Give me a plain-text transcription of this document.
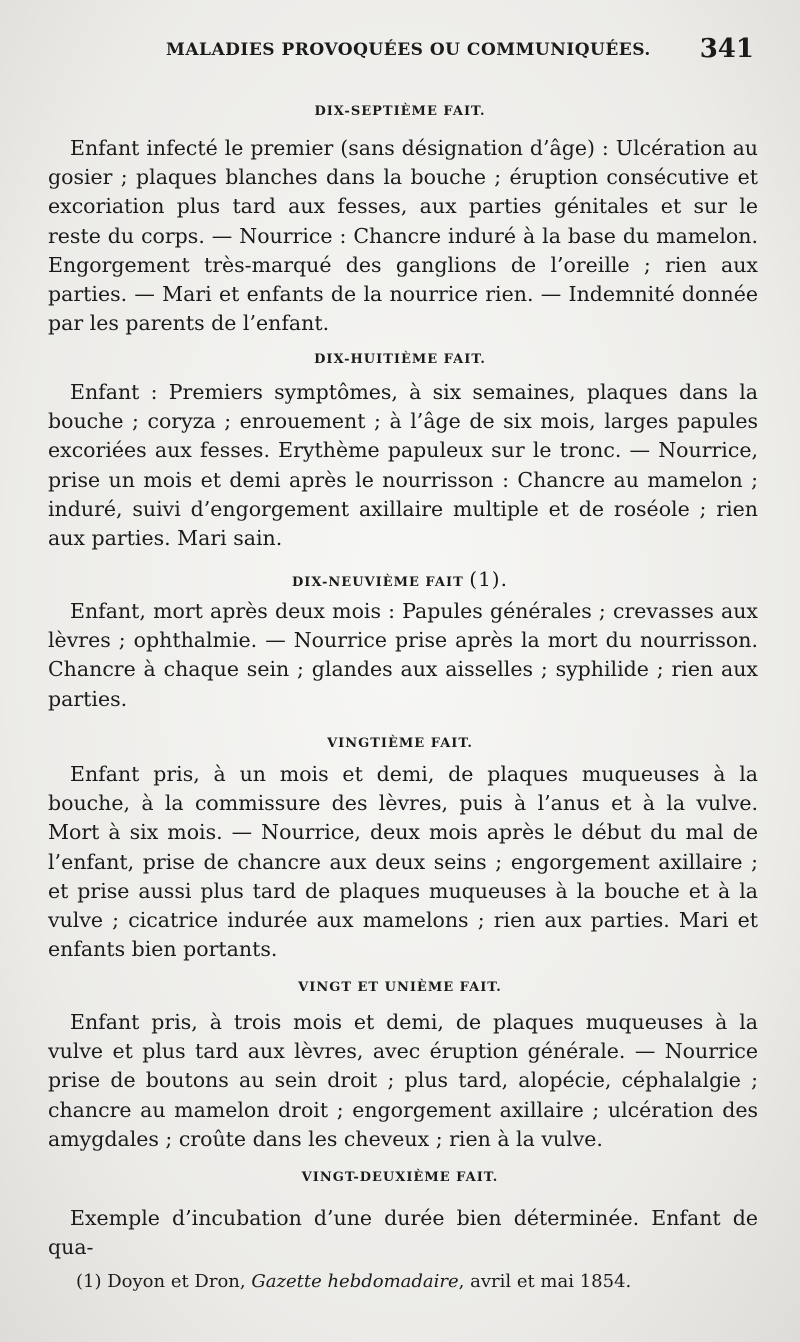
MALADIES PROVOQUÉES OU COMMUNIQUÉES. 341
DIX-SEPTIÈME FAIT.

Enfant infecté le premier (sans désignation d’âge) : Ulcération au gosier ; plaques blanches dans la bouche ; éruption consécutive et excoriation plus tard aux fesses, aux parties génitales et sur le reste du corps. — Nourrice : Chancre induré à la base du mamelon. Engorgement très-marqué des ganglions de l’oreille ; rien aux parties. — Mari et enfants de la nourrice rien. — Indemnité donnée par les parents de l’enfant.

DIX-HUITIÈME FAIT.

Enfant : Premiers symptômes, à six semaines, plaques dans la bouche ; coryza ; enrouement ; à l’âge de six mois, larges papules excoriées aux fesses. Erythème papuleux sur le tronc. — Nourrice, prise un mois et demi après le nourrisson : Chancre au mamelon ; induré, suivi d’engorgement axillaire multiple et de roséole ; rien aux parties. Mari sain.

DIX-NEUVIÈME FAIT (1).

Enfant, mort après deux mois : Papules générales ; crevasses aux lèvres ; ophthalmie. — Nourrice prise après la mort du nourrisson. Chancre à chaque sein ; glandes aux aisselles ; syphilide ; rien aux parties.

VINGTIÈME FAIT.

Enfant pris, à un mois et demi, de plaques muqueuses à la bouche, à la commissure des lèvres, puis à l’anus et à la vulve. Mort à six mois. — Nourrice, deux mois après le début du mal de l’enfant, prise de chancre aux deux seins ; engorgement axillaire ; et prise aussi plus tard de plaques muqueuses à la bouche et à la vulve ; cicatrice indurée aux mamelons ; rien aux parties. Mari et enfants bien portants.

VINGT ET UNIÈME FAIT.

Enfant pris, à trois mois et demi, de plaques muqueuses à la vulve et plus tard aux lèvres, avec éruption générale. — Nourrice prise de boutons au sein droit ; plus tard, alopécie, céphalalgie ; chancre au mamelon droit ; engorgement axillaire ; ulcération des amygdales ; croûte dans les cheveux ; rien à la vulve.

VINGT-DEUXIÈME FAIT.

Exemple d’incubation d’une durée bien déterminée. Enfant de qua-

(1) Doyon et Dron, Gazette hebdomadaire, avril et mai 1854.
